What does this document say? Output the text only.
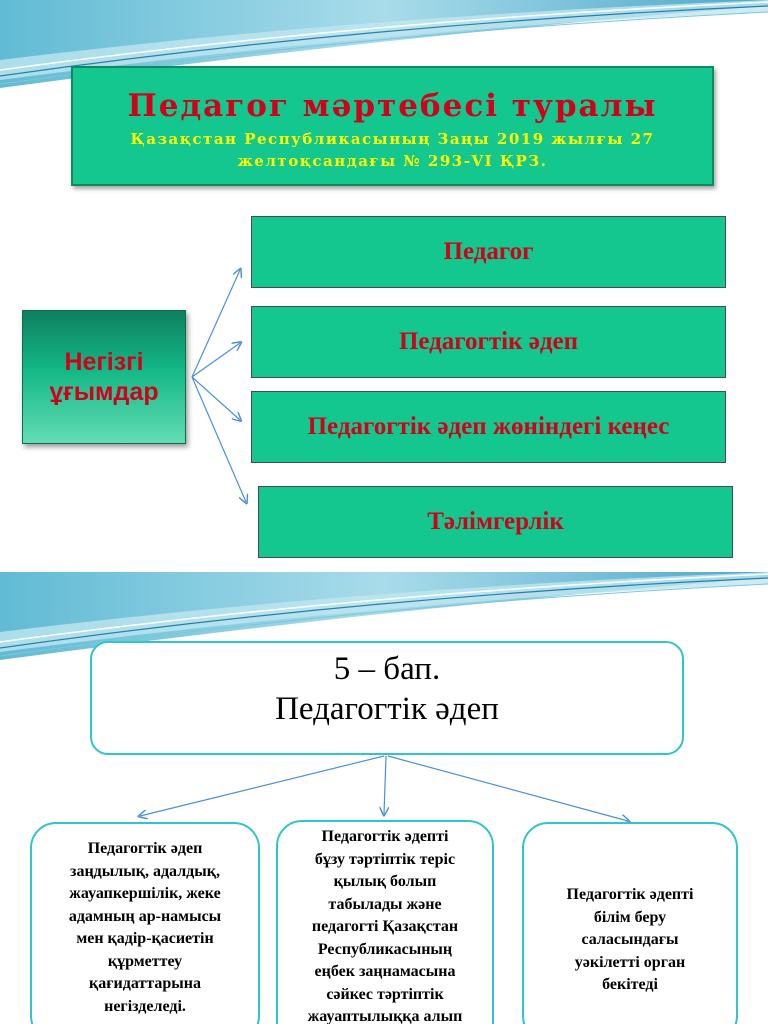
Педагог мәртебесі туралы
Қазақстан Республикасының Заңы 2019 жылғы 27
желтоқсандағы № 293-VI ҚРЗ.
Негізгі
ұғымдар
Педагог
Педагогтік әдеп
Педагогтік әдеп жөніндегі кеңес
Тәлімгерлік
5 – бап.
Педагогтік әдеп
Педагогтік әдеп
заңдылық, адалдық,
жауапкершілік, жеке
адамның ар-намысы
мен қадір-қасиетін
құрметтеу
қағидаттарына
негізделеді.
Педагогтік әдепті
бұзу тәртіптік теріс
қылық болып
табылады және
педагогті Қазақстан
Республикасының
еңбек заңнамасына
сәйкес тәртіптік
жауаптылыққа алып
Педагогтік әдепті
білім беру
саласындағы
уәкілетті орган
бекітеді
